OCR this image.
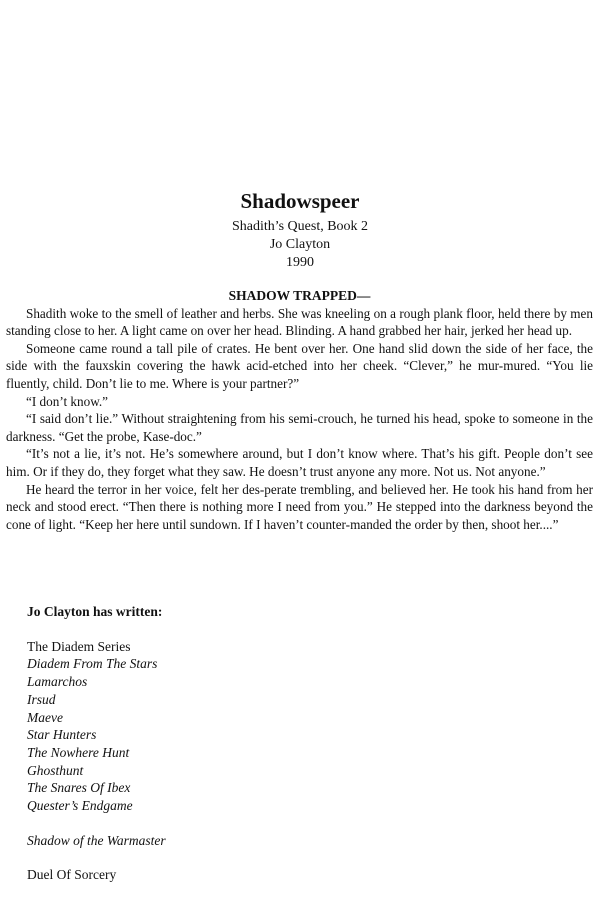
Shadowspeer
Shadith’s Quest, Book 2
Jo Clayton
1990
SHADOW TRAPPED—

Shadith woke to the smell of leather and herbs. She was kneeling on a rough plank floor, held there by men standing close to her. A light came on over her head. Blinding. A hand grabbed her hair, jerked her head up.

Someone came round a tall pile of crates. He bent over her. One hand slid down the side of her face, the side with the fauxskin covering the hawk acid-etched into her cheek. “Clever,” he mur-mured. “You lie fluently, child. Don’t lie to me. Where is your partner?”

“I don’t know.”

“I said don’t lie.” Without straightening from his semi-crouch, he turned his head, spoke to someone in the darkness. “Get the probe, Kase-doc.”

“It’s not a lie, it’s not. He’s somewhere around, but I don’t know where. That’s his gift. People don’t see him. Or if they do, they forget what they saw. He doesn’t trust anyone any more. Not us. Not anyone.”

He heard the terror in her voice, felt her des-perate trembling, and believed her. He took his hand from her neck and stood erect. “Then there is nothing more I need from you.” He stepped into the darkness beyond the cone of light. “Keep her here until sundown. If I haven’t counter-manded the order by then, shoot her....”

Jo Clayton has written:
The Diadem Series
Diadem From The Stars
Lamarchos
Irsud
Maeve
Star Hunters
The Nowhere Hunt
Ghosthunt
The Snares Of Ibex
Quester’s Endgame
Shadow of the Warmaster
Duel Of Sorcery
